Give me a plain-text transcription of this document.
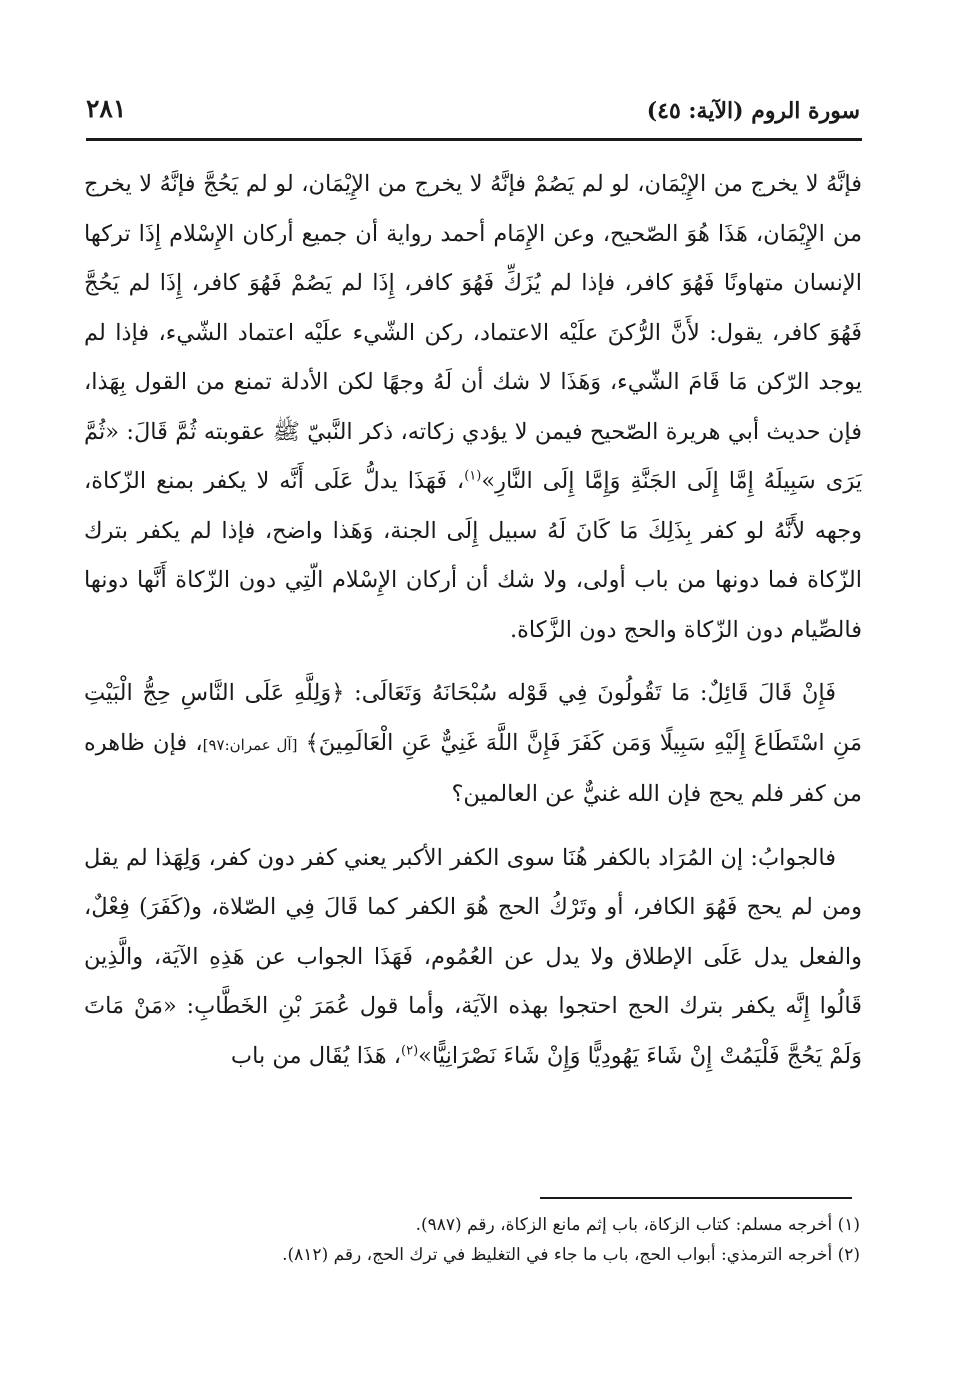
سورة الروم (الآية: ٤٥)
٢٨١

فإنَّهُ لا يخرج من الإِيْمَان، لو لم يَصُمْ فإنَّهُ لا يخرج من الإِيْمَان، لو لم يَحُجَّ فإنَّهُ لا يخرج من الإِيْمَان، هَذَا هُوَ الصّحيح، وعن الإِمَام أحمد رواية أن جميع أركان الإِسْلام إِذَا تركها الإنسان متهاونًا فَهُوَ كافر، فإذا لم يُزَكِّ فَهُوَ كافر، إِذَا لم يَصُمْ فَهُوَ كافر، إِذَا لم يَحُجَّ فَهُوَ كافر، يقول: لأَنَّ الرُّكنَ علَيْه الاعتماد، ركن الشّيء علَيْه اعتماد الشّيء، فإذا لم يوجد الرّكن مَا قَامَ الشّيء، وَهَذَا لا شك أن لَهُ وجهًا لكن الأدلة تمنع من القول بِهَذا، فإن حديث أبي هريرة الصّحيح فيمن لا يؤدي زكاته، ذكر النَّبيّ ﷺ عقوبته ثُمَّ قَالَ: «ثُمَّ يَرَى سَبِيلَهُ إِمَّا إِلَى الجَنَّةِ وَإِمَّا إِلَى النَّارِ»$^{(١)}$، فَهَذَا يدلُّ عَلَى أَنَّه لا يكفر بمنع الزّكاة، وجهه لأَنَّهُ لو كفر بِذَلِكَ مَا كَانَ لَهُ سبيل إِلَى الجنة، وَهَذا واضح، فإذا لم يكفر بترك الزّكاة فما دونها من باب أولى، ولا شك أن أركان الإِسْلام الّتِي دون الزّكاة أَنَّها دونها فالصِّيام دون الزّكاة والحج دون الزَّكاة.

فَإِنْ قَالَ قَائِلٌ: مَا تَقُولُونَ فِي قَوْله سُبْحَانَهُ وَتَعَالَى: ﴿وَلِلَّهِ عَلَى النَّاسِ حِجُّ الْبَيْتِ مَنِ اسْتَطَاعَ إِلَيْهِ سَبِيلًا وَمَن كَفَرَ فَإِنَّ اللَّهَ غَنِيٌّ عَنِ الْعَالَمِينَ﴾ [آل عمران:٩٧]، فإن ظاهره من كفر فلم يحج فإن الله غنيٌّ عن العالمين؟

فالجوابُ: إن المُرَاد بالكفر هُنَا سوى الكفر الأكبر يعني كفر دون كفر، وَلِهَذا لم يقل ومن لم يحج فَهُوَ الكافر، أو وتَرْكُ الحج هُوَ الكفر كما قَالَ فِي الصّلاة، و(كَفَرَ) فِعْلٌ، والفعل يدل عَلَى الإطلاق ولا يدل عن العُمُوم، فَهَذَا الجواب عن هَذِهِ الآيَة، والَّذِين قَالُوا إِنَّه يكفر بترك الحج احتجوا بهذه الآيَة، وأما قول عُمَرَ بْنِ الخَطَّابِ: «مَنْ مَاتَ وَلَمْ يَحُجَّ فَلْيَمُتْ إِنْ شَاءَ يَهُودِيًّا وَإِنْ شَاءَ نَصْرَانِيًّا»$^{(٢)}$، هَذَا يُقَال من باب

(١) أخرجه مسلم: كتاب الزكاة، باب إثم مانع الزكاة، رقم (٩٨٧).
(٢) أخرجه الترمذي: أبواب الحج، باب ما جاء في التغليظ في ترك الحج، رقم (٨١٢).
